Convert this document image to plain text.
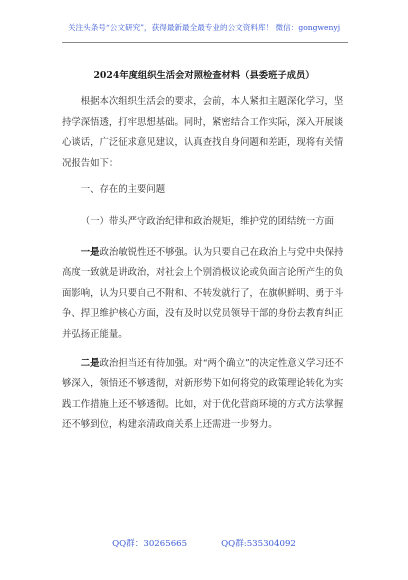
关注头条号“公文研究”，获得最新最全最专业的公文资料库！ 微信：gongwenyj
2024年度组织生活会对照检查材料（县委班子成员）

根据本次组织生活会的要求，会前，本人紧扣主题深化学习，坚持学深悟透，打牢思想基础。同时，紧密结合工作实际，深入开展谈心谈话，广泛征求意见建议，认真查找自身问题和差距，现将有关情况报告如下：

一、存在的主要问题

（一）带头严守政治纪律和政治规矩，维护党的团结统一方面

一是政治敏锐性还不够强。认为只要自己在政治上与党中央保持高度一致就是讲政治，对社会上个别消极议论或负面言论所产生的负面影响，认为只要自己不附和、不转发就行了，在旗帜鲜明、勇于斗争、捍卫维护核心方面，没有及时以党员领导干部的身份去教育纠正并弘扬正能量。

二是政治担当还有待加强。对“两个确立”的决定性意义学习还不够深入，领悟还不够透彻，对新形势下如何将党的政策理论转化为实践工作措施上还不够透彻。比如，对于优化营商环境的方式方法掌握还不够到位，构建亲清政商关系上还需进一步努力。

QQ群：30265665	QQ群:535304092
